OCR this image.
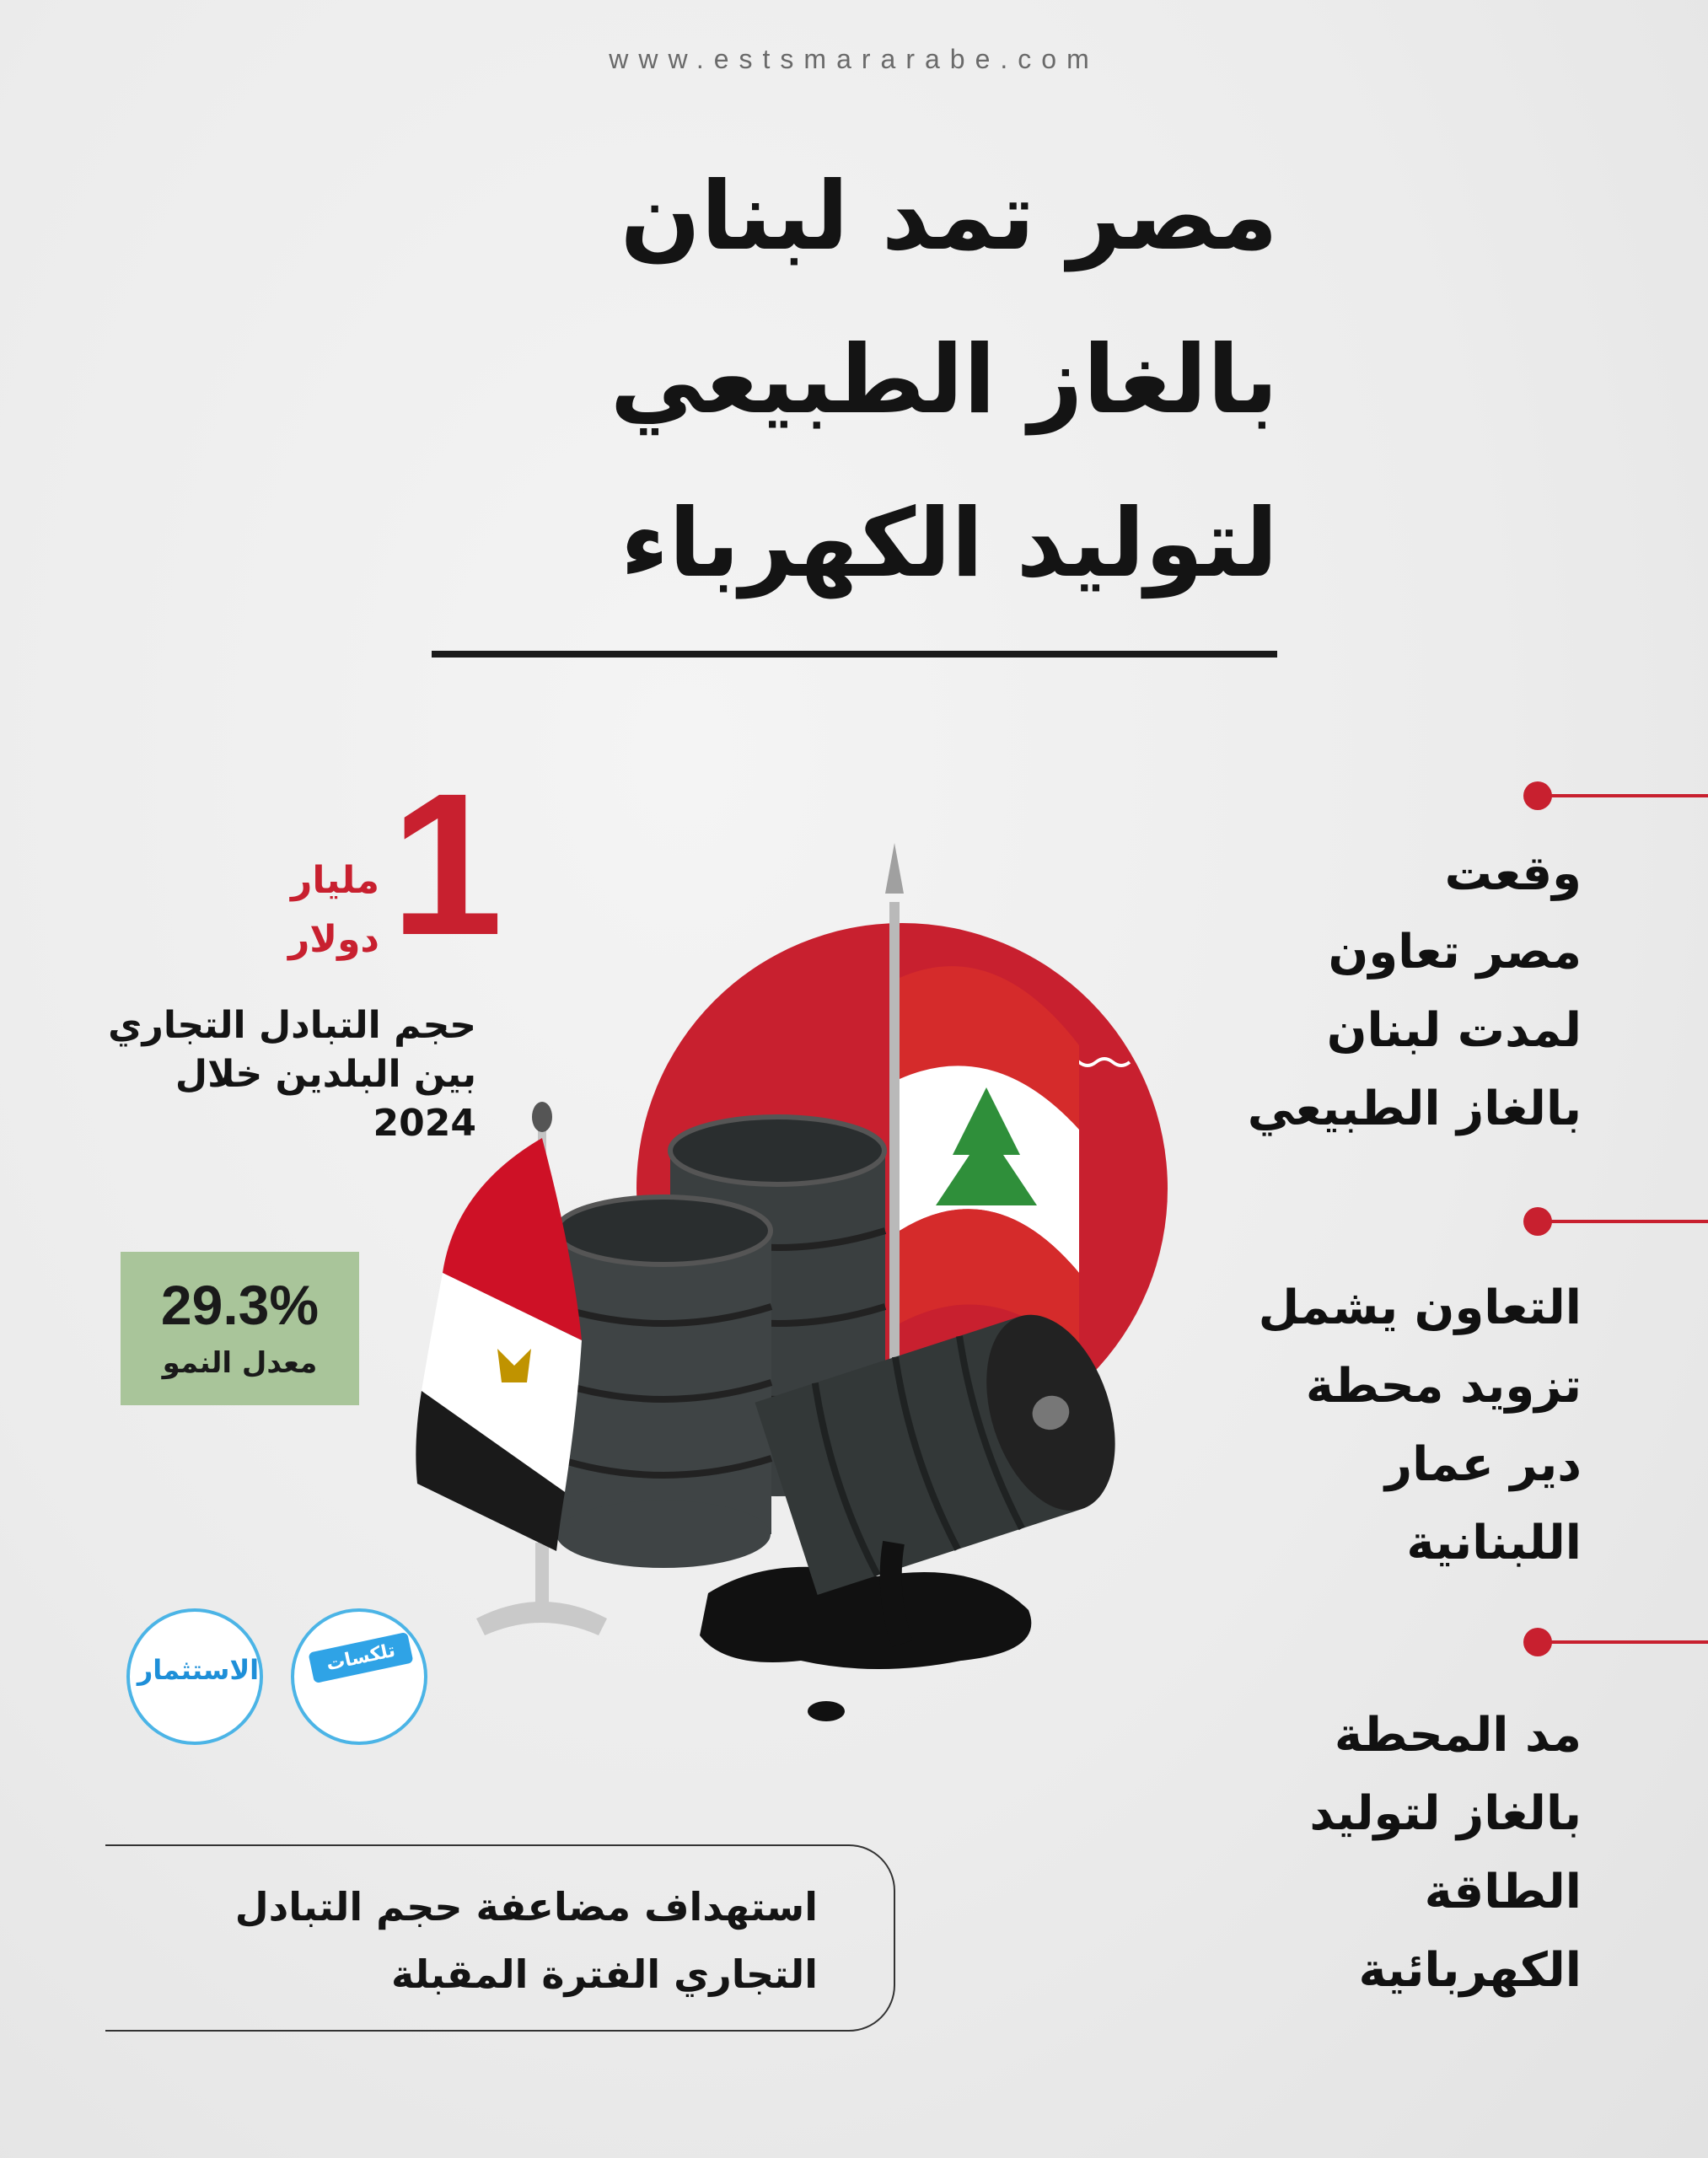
www.estsmararabe.com
مصر تمد لبنان
بالغاز الطبيعي
لتوليد الكهرباء
وقعت
مصر تعاون
لمدت لبنان
بالغاز الطبيعي
التعاون يشمل
تزويد محطة
دير عمار
اللبنانية
مد المحطة
بالغاز لتوليد
الطاقة
الكهربائية
1
مليار
دولار
حجم التبادل التجاري
بين البلدين خلال
2024
29.3%
معدل النمو
الاستثمار	تلكسات
استهداف مضاعفة حجم التبادل
التجاري الفترة المقبلة
